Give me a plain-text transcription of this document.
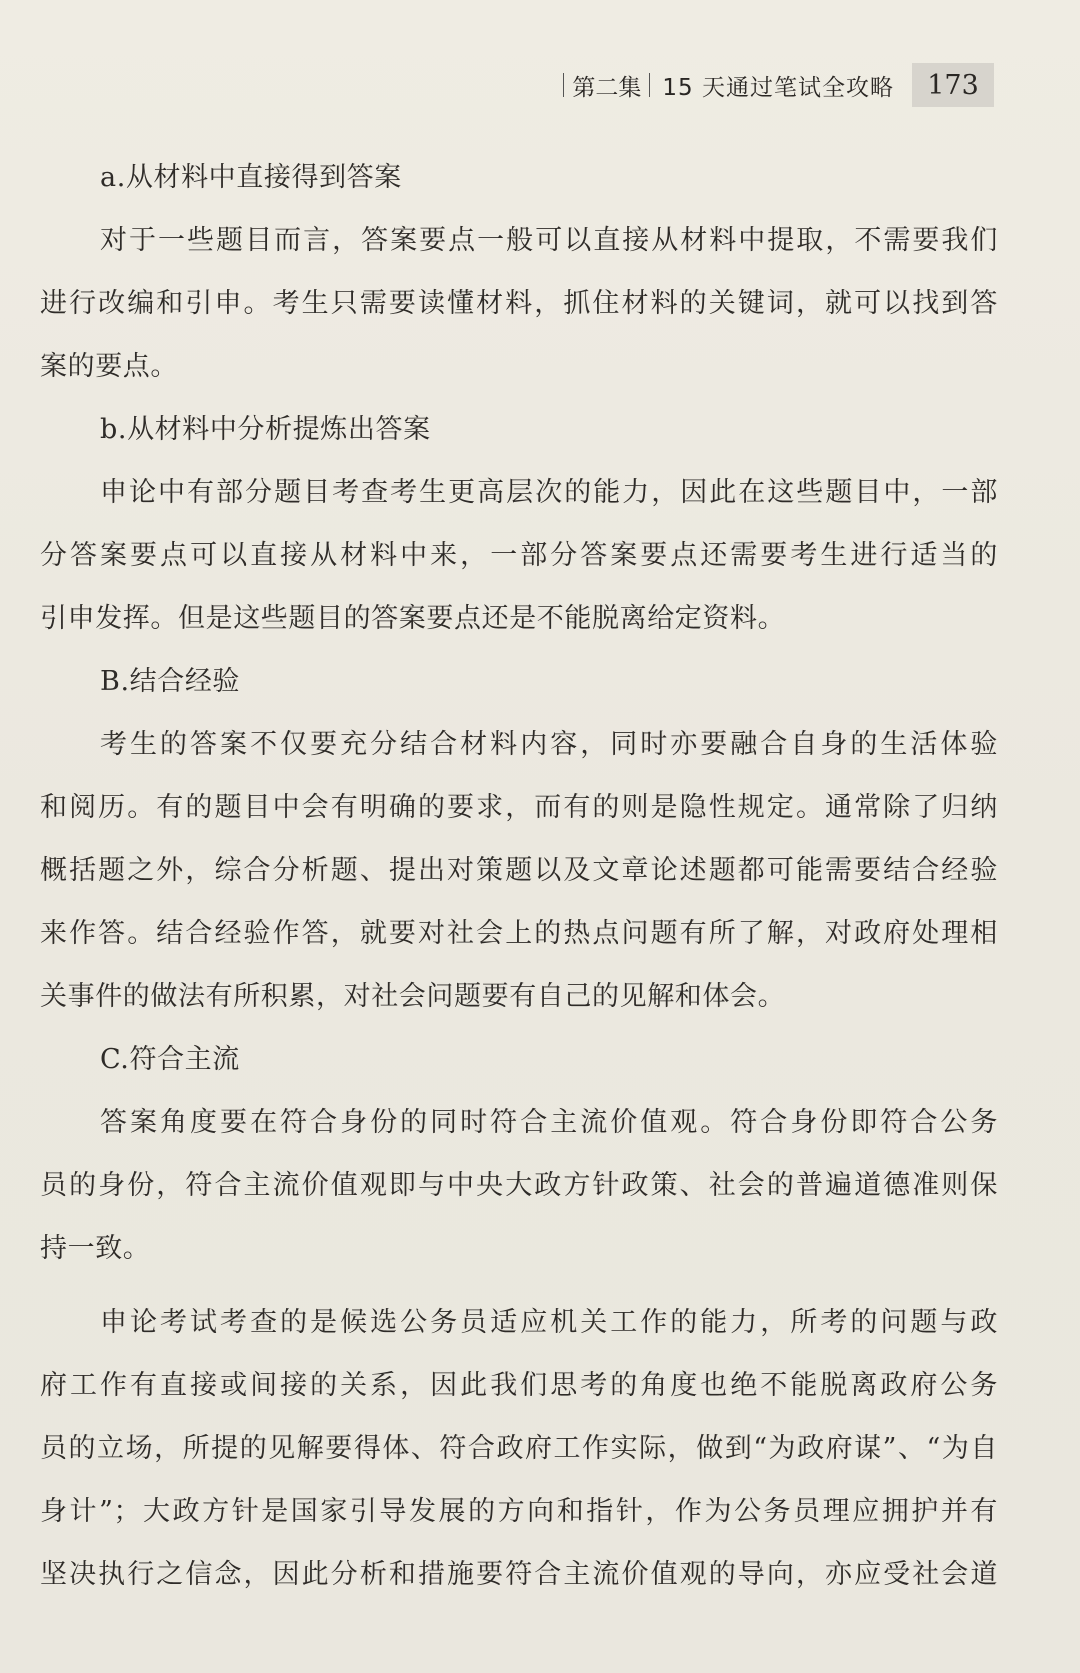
第二集 15 天通过笔试全攻略	173
a.从材料中直接得到答案
对于一些题目而言，答案要点一般可以直接从材料中提取，不需要我们
进行改编和引申。考生只需要读懂材料，抓住材料的关键词，就可以找到答
案的要点。
b.从材料中分析提炼出答案
申论中有部分题目考查考生更高层次的能力，因此在这些题目中，一部
分答案要点可以直接从材料中来，一部分答案要点还需要考生进行适当的
引申发挥。但是这些题目的答案要点还是不能脱离给定资料。
B.结合经验
考生的答案不仅要充分结合材料内容，同时亦要融合自身的生活体验
和阅历。有的题目中会有明确的要求，而有的则是隐性规定。通常除了归纳
概括题之外，综合分析题、提出对策题以及文章论述题都可能需要结合经验
来作答。结合经验作答，就要对社会上的热点问题有所了解，对政府处理相
关事件的做法有所积累，对社会问题要有自己的见解和体会。
C.符合主流
答案角度要在符合身份的同时符合主流价值观。符合身份即符合公务
员的身份，符合主流价值观即与中央大政方针政策、社会的普遍道德准则保
持一致。
申论考试考查的是候选公务员适应机关工作的能力，所考的问题与政
府工作有直接或间接的关系，因此我们思考的角度也绝不能脱离政府公务
员的立场，所提的见解要得体、符合政府工作实际，做到“为政府谋”、“为自
身计”；大政方针是国家引导发展的方向和指针，作为公务员理应拥护并有
坚决执行之信念，因此分析和措施要符合主流价值观的导向，亦应受社会道
